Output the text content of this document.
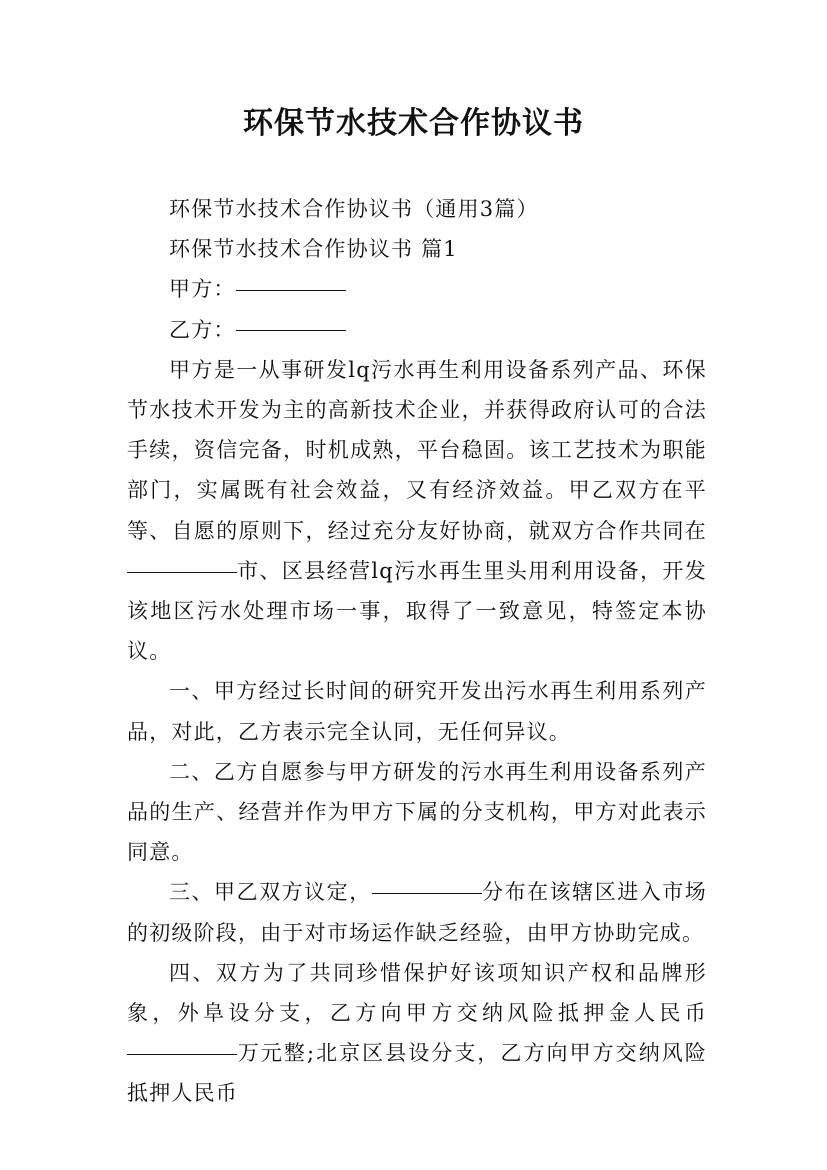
环保节水技术合作协议书

环保节水技术合作协议书（通用3篇）

环保节水技术合作协议书 篇1

甲方：

乙方：

甲方是一从事研发lq污水再生利用设备系列产品、环保节水技术开发为主的高新技术企业，并获得政府认可的合法手续，资信完备，时机成熟，平台稳固。该工艺技术为职能部门，实属既有社会效益，又有经济效益。甲乙双方在平等、自愿的原则下，经过充分友好协商，就双方合作共同在市、区县经营lq污水再生里头用利用设备，开发该地区污水处理市场一事，取得了一致意见，特签定本协议。

一、甲方经过长时间的研究开发出污水再生利用系列产品，对此，乙方表示完全认同，无任何异议。

二、乙方自愿参与甲方研发的污水再生利用设备系列产品的生产、经营并作为甲方下属的分支机构，甲方对此表示同意。

三、甲乙双方议定，	分布在该辖区进入市场的初级阶段，由于对市场运作缺乏经验，由甲方协助完成。

四、双方为了共同珍惜保护好该项知识产权和品牌形象，外阜设分支，乙方向甲方交纳风险抵押金人民币万元整;北京区县设分支，乙方向甲方交纳风险抵押人民币
